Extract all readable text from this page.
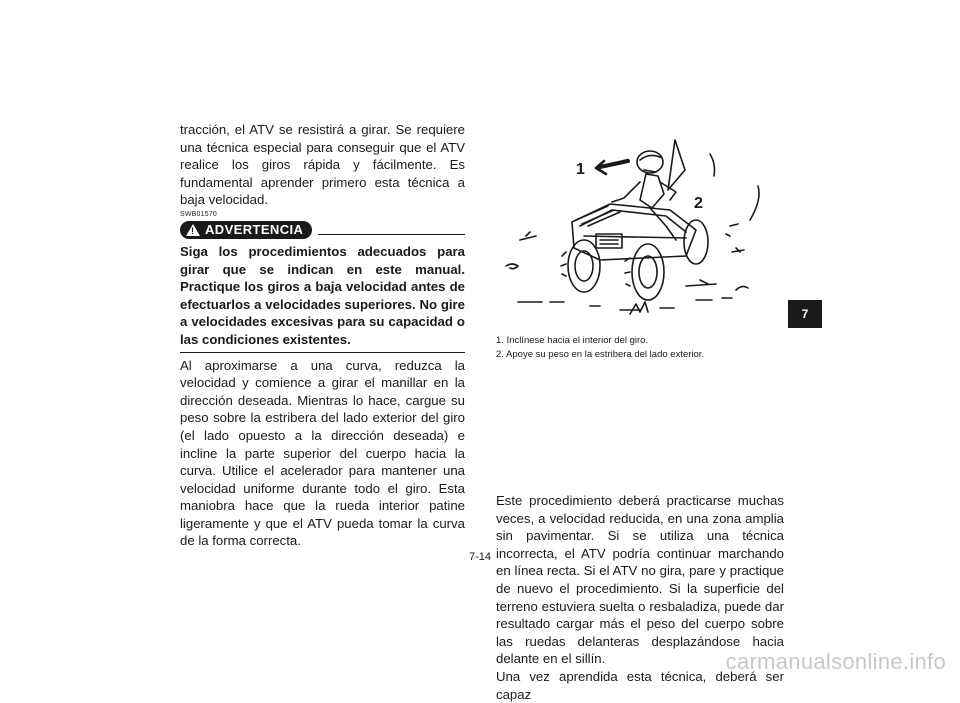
tracción, el ATV se resistirá a girar. Se requiere una técnica especial para conseguir que el ATV realice los giros rápida y fácilmente. Es fundamental aprender primero esta técnica a baja velocidad.

SWB01570
! ADVERTENCIA

Siga los procedimientos adecuados para girar que se indican en este manual. Practique los giros a baja velocidad antes de efectuarlos a velocidades superiores. No gire a velocidades excesivas para su capacidad o las condiciones existentes.

Al aproximarse a una curva, reduzca la velocidad y comience a girar el manillar en la dirección deseada. Mientras lo hace, cargue su peso sobre la estribera del lado exterior del giro (el lado opuesto a la dirección deseada) e incline la parte superior del cuerpo hacia la curva. Utilice el acelerador para mantener una velocidad uniforme durante todo el giro. Esta maniobra hace que la rueda interior patine ligeramente y que el ATV pueda tomar la curva de la forma correcta.

1
2
1. Inclínese hacia el interior del giro.
2. Apoye su peso en la estribera del lado exterior.

Este procedimiento deberá practicarse muchas veces, a velocidad reducida, en una zona amplia sin pavimentar. Si se utiliza una técnica incorrecta, el ATV podría continuar marchando en línea recta. Si el ATV no gira, pare y practique de nuevo el procedimiento. Si la superficie del terreno estuviera suelta o resbaladiza, puede dar resultado cargar más el peso del cuerpo sobre las ruedas delanteras desplazándose hacia delante en el sillín.

Una vez aprendida esta técnica, deberá ser capaz

7
7-14
carmanualsonline.info
